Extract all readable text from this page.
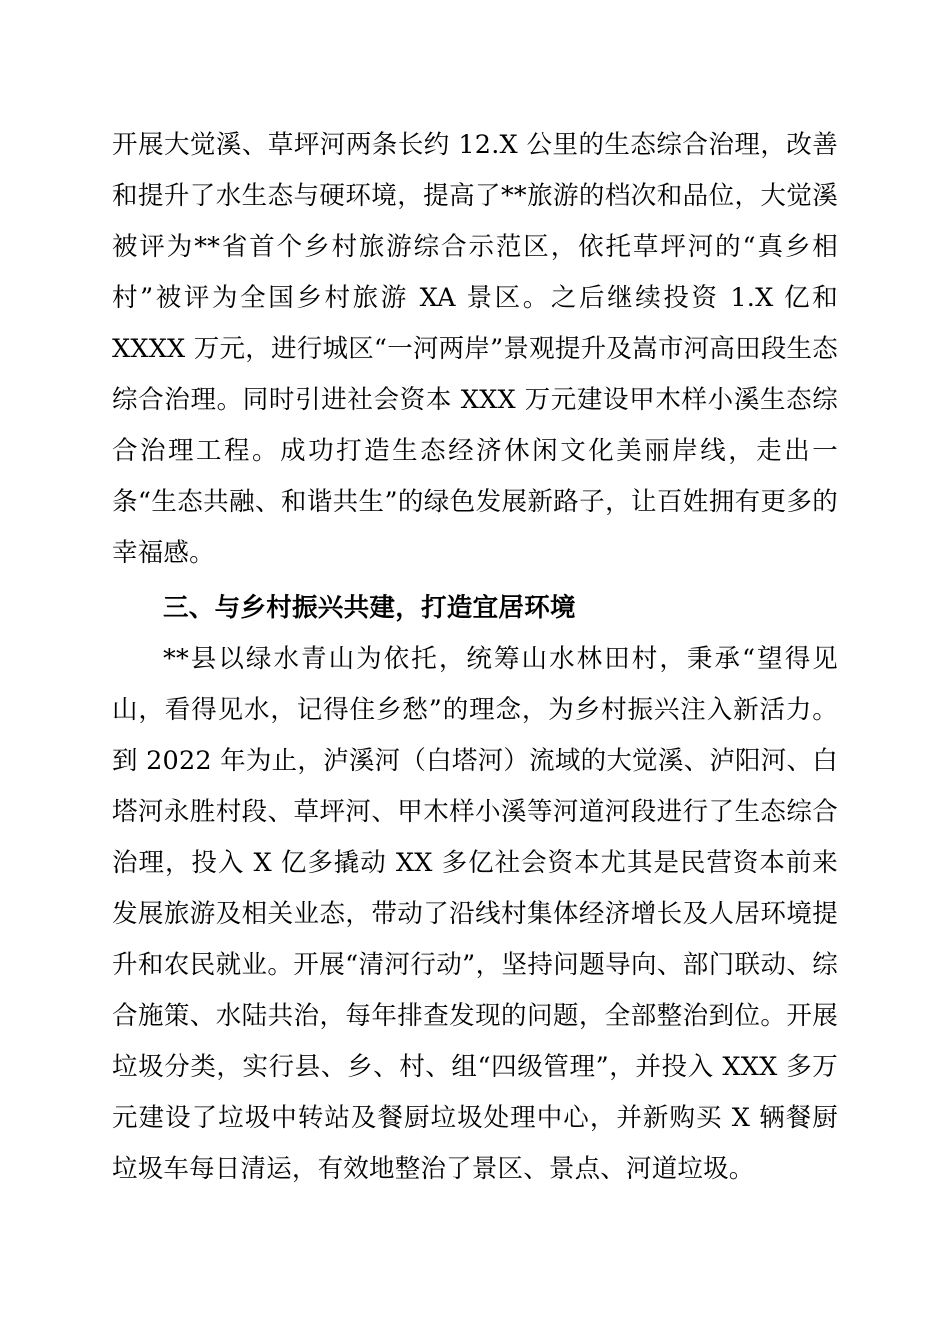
开展大觉溪、草坪河两条长约 12.X 公里的生态综合治理，改善和提升了水生态与硬环境，提高了**旅游的档次和品位，大觉溪被评为**省首个乡村旅游综合示范区，依托草坪河的“真乡相村”被评为全国乡村旅游 XA 景区。之后继续投资 1.X 亿和XXXX 万元，进行城区“一河两岸”景观提升及嵩市河高田段生态综合治理。同时引进社会资本 XXX 万元建设甲木样小溪生态综合治理工程。成功打造生态经济休闲文化美丽岸线，走出一条“生态共融、和谐共生”的绿色发展新路子，让百姓拥有更多的幸福感。

三、与乡村振兴共建，打造宜居环境

**县以绿水青山为依托，统筹山水林田村，秉承“望得见山，看得见水，记得住乡愁”的理念，为乡村振兴注入新活力。到 2022 年为止，泸溪河（白塔河）流域的大觉溪、泸阳河、白塔河永胜村段、草坪河、甲木样小溪等河道河段进行了生态综合治理，投入 X 亿多撬动 XX 多亿社会资本尤其是民营资本前来发展旅游及相关业态，带动了沿线村集体经济增长及人居环境提升和农民就业。开展“清河行动”，坚持问题导向、部门联动、综合施策、水陆共治，每年排查发现的问题，全部整治到位。开展垃圾分类，实行县、乡、村、组“四级管理”，并投入 XXX 多万元建设了垃圾中转站及餐厨垃圾处理中心，并新购买 X 辆餐厨垃圾车每日清运，有效地整治了景区、景点、河道垃圾。
